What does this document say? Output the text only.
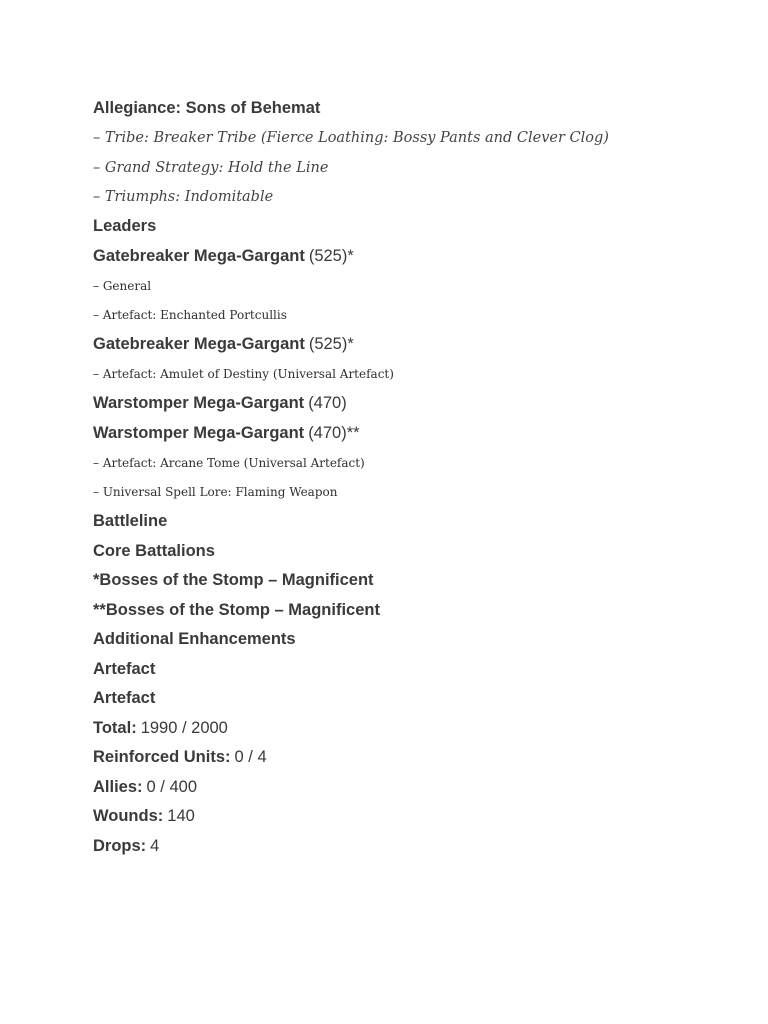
Allegiance: Sons of Behemat
– Tribe: Breaker Tribe (Fierce Loathing: Bossy Pants and Clever Clog)
– Grand Strategy: Hold the Line
– Triumphs: Indomitable
Leaders
Gatebreaker Mega-Gargant
(525)*
– General
– Artefact: Enchanted Portcullis
Gatebreaker Mega-Gargant
(525)*
– Artefact: Amulet of Destiny (Universal Artefact)
Warstomper Mega-Gargant
(470)
Warstomper Mega-Gargant
(470)**
– Artefact: Arcane Tome (Universal Artefact)
– Universal Spell Lore: Flaming Weapon
Battleline
Core Battalions
*Bosses of the Stomp – Magnificent
**Bosses of the Stomp – Magnificent
Additional Enhancements
Artefact
Artefact
Total:
1990 / 2000
Reinforced Units:
0 / 4
Allies:
0 / 400
Wounds:
140
Drops:
4
